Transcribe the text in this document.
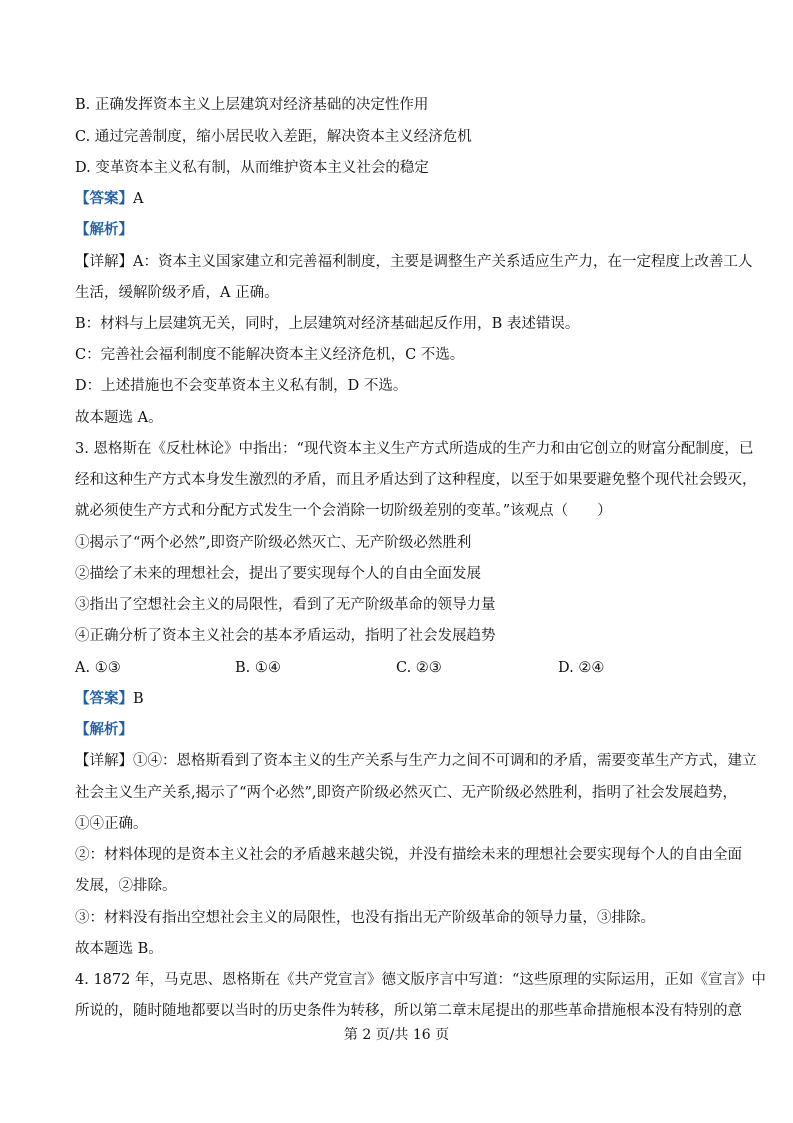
B. 正确发挥资本主义上层建筑对经济基础的决定性作用
C. 通过完善制度，缩小居民收入差距，解决资本主义经济危机
D. 变革资本主义私有制，从而维护资本主义社会的稳定
【答案】A
【解析】
【详解】A：资本主义国家建立和完善福利制度，主要是调整生产关系适应生产力，在一定程度上改善工人
生活，缓解阶级矛盾，A 正确。
B：材料与上层建筑无关，同时，上层建筑对经济基础起反作用，B 表述错误。
C：完善社会福利制度不能解决资本主义经济危机，C 不选。
D：上述措施也不会变革资本主义私有制，D 不选。
故本题选 A。
3. 恩格斯在《反杜林论》中指出：“现代资本主义生产方式所造成的生产力和由它创立的财富分配制度，已
经和这种生产方式本身发生激烈的矛盾，而且矛盾达到了这种程度，以至于如果要避免整个现代社会毁灭，
就必须使生产方式和分配方式发生一个会消除一切阶级差别的变革。”该观点（　　）
①揭示了“两个必然”,即资产阶级必然灭亡、无产阶级必然胜利
②描绘了未来的理想社会，提出了要实现每个人的自由全面发展
③指出了空想社会主义的局限性，看到了无产阶级革命的领导力量
④正确分析了资本主义社会的基本矛盾运动，指明了社会发展趋势
A. ①③	B. ①④	C. ②③	D. ②④
【答案】B
【解析】
【详解】①④：恩格斯看到了资本主义的生产关系与生产力之间不可调和的矛盾，需要变革生产方式，建立
社会主义生产关系,揭示了“两个必然”,即资产阶级必然灭亡、无产阶级必然胜利，指明了社会发展趋势，
①④正确。
②：材料体现的是资本主义社会的矛盾越来越尖锐，并没有描绘未来的理想社会要实现每个人的自由全面
发展，②排除。
③：材料没有指出空想社会主义的局限性，也没有指出无产阶级革命的领导力量，③排除。
故本题选 B。
4. 1872 年，马克思、恩格斯在《共产党宣言》德文版序言中写道：“这些原理的实际运用，正如《宣言》中
所说的，随时随地都要以当时的历史条件为转移，所以第二章末尾提出的那些革命措施根本没有特别的意
第 2 页/共 16 页
